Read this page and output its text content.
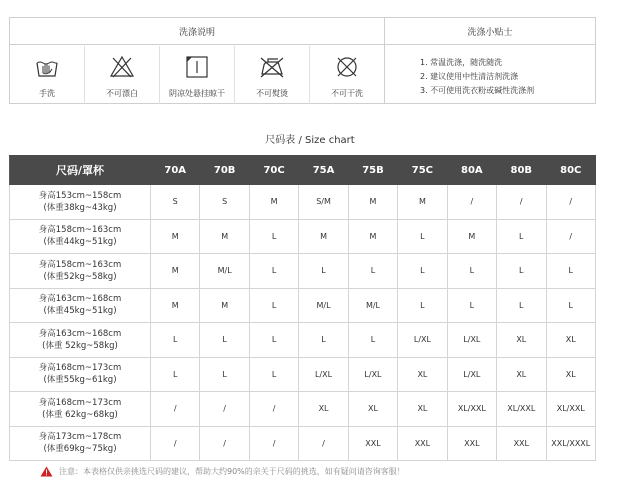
洗涤说明	洗涤小贴士
手洗	不可漂白	阴凉处悬挂晾干	不可熨烫	不可干洗
1. 常温洗涤，随洗随洗
2. 建议使用中性清洁剂洗涤
3. 不可使用洗衣粉或碱性洗涤剂
尺码表 / Size chart
尺码/罩杯	70A	70B	70C	75A	75B	75C	80A	80B	80C

身高153cm~158cm
(体重38kg~43kg)	S	S	M	S/M	M	M	/	/	/

身高158cm~163cm
(体重44kg~51kg)	M	M	L	M	M	L	M	L	/

身高158cm~163cm
(体重52kg~58kg)	M	M/L	L	L	L	L	L	L	L

身高163cm~168cm
(体重45kg~51kg)	M	M	L	M/L	M/L	L	L	L	L

身高163cm~168cm
(体重 52kg~58kg)	L	L	L	L	L	L/XL	L/XL	XL	XL

身高168cm~173cm
(体重55kg~61kg)	L	L	L	L/XL	L/XL	XL	L/XL	XL	XL

身高168cm~173cm
(体重 62kg~68kg)	/	/	/	XL	XL	XL	XL/XXL	XL/XXL	XL/XXL

身高173cm~178cm
(体重69kg~75kg)	/	/	/	/	XXL	XXL	XXL	XXL	XXL/XXXL
注意：本表格仅供亲挑选尺码的建议，帮助大约90%的亲关于尺码的挑选，如有疑问请咨询客服！
